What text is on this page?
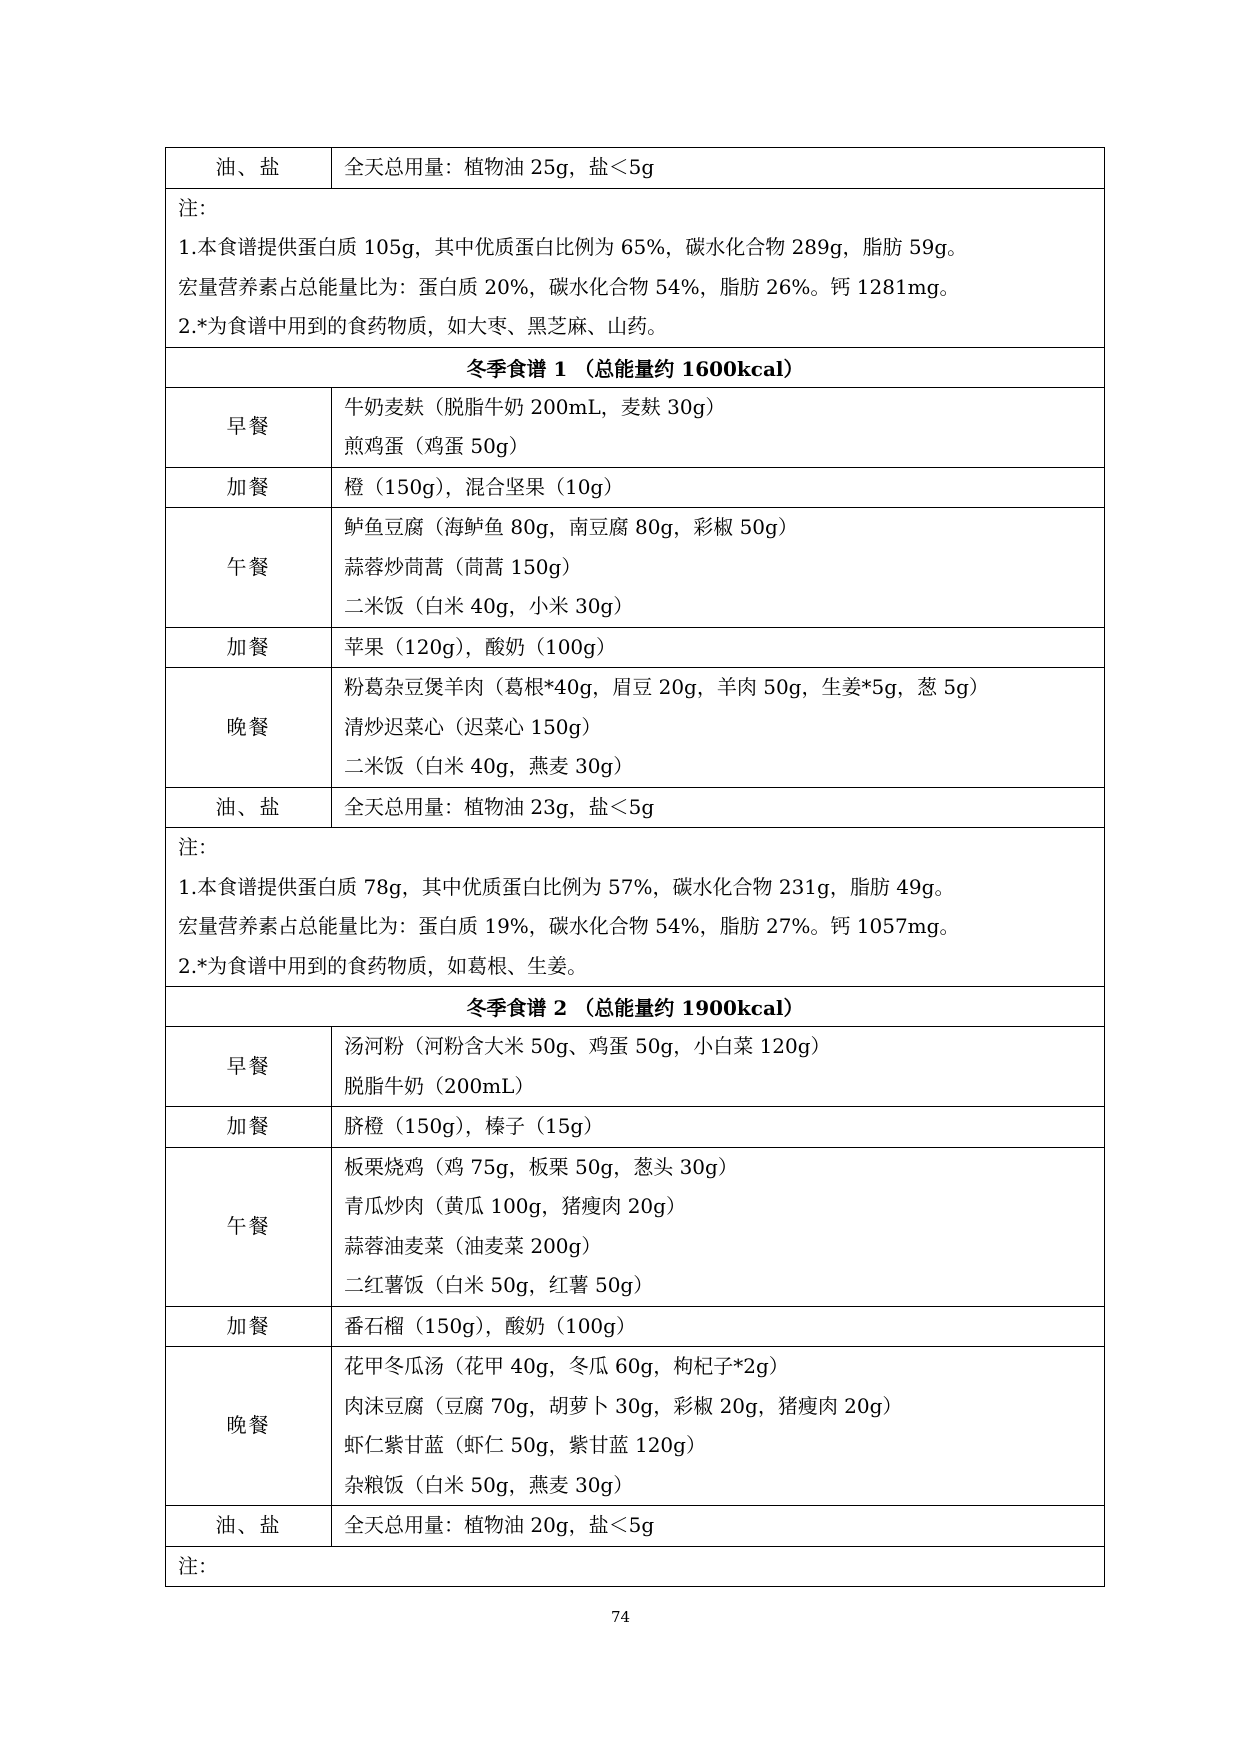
油、盐	全天总用量：植物油 25g，盐＜5g

注：
1.本食谱提供蛋白质 105g，其中优质蛋白比例为 65%，碳水化合物 289g，脂肪 59g。
宏量营养素占总能量比为：蛋白质 20%，碳水化合物 54%，脂肪 26%。钙 1281mg。
2.*为食谱中用到的食药物质，如大枣、黑芝麻、山药。	

冬季食谱 1 （总能量约 1600kcal）	

早餐	牛奶麦麸（脱脂牛奶 200mL，麦麸 30g）
煎鸡蛋（鸡蛋 50g）

加餐	橙（150g），混合坚果（10g）

午餐	鲈鱼豆腐（海鲈鱼 80g，南豆腐 80g，彩椒 50g）
蒜蓉炒茼蒿（茼蒿 150g）
二米饭（白米 40g，小米 30g）

加餐	苹果（120g），酸奶（100g）

晚餐	粉葛杂豆煲羊肉（葛根*40g，眉豆 20g，羊肉 50g，生姜*5g，葱 5g）
清炒迟菜心（迟菜心 150g）
二米饭（白米 40g，燕麦 30g）

油、盐	全天总用量：植物油 23g，盐＜5g

注：
1.本食谱提供蛋白质 78g，其中优质蛋白比例为 57%，碳水化合物 231g，脂肪 49g。
宏量营养素占总能量比为：蛋白质 19%，碳水化合物 54%，脂肪 27%。钙 1057mg。
2.*为食谱中用到的食药物质，如葛根、生姜。	

冬季食谱 2 （总能量约 1900kcal）	

早餐	汤河粉（河粉含大米 50g、鸡蛋 50g，小白菜 120g）
脱脂牛奶（200mL）

加餐	脐橙（150g），榛子（15g）

午餐	板栗烧鸡（鸡 75g，板栗 50g，葱头 30g）
青瓜炒肉（黄瓜 100g，猪瘦肉 20g）
蒜蓉油麦菜（油麦菜 200g）
二红薯饭（白米 50g，红薯 50g）

加餐	番石榴（150g），酸奶（100g）

晚餐	花甲冬瓜汤（花甲 40g，冬瓜 60g，枸杞子*2g）
肉沫豆腐（豆腐 70g，胡萝卜 30g，彩椒 20g，猪瘦肉 20g）
虾仁紫甘蓝（虾仁 50g，紫甘蓝 120g）
杂粮饭（白米 50g，燕麦 30g）

油、盐	全天总用量：植物油 20g，盐＜5g

注：	
74
